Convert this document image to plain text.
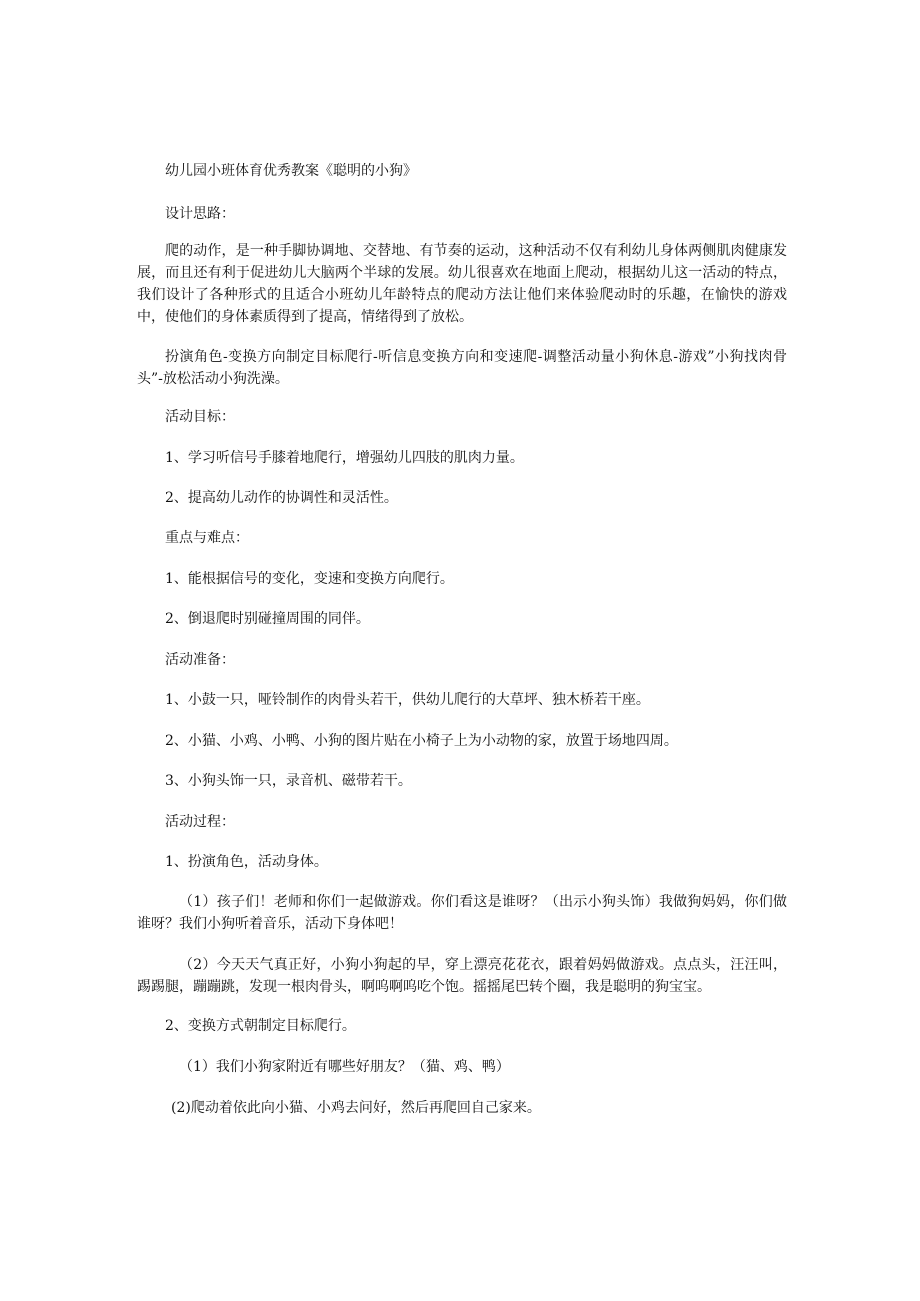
幼儿园小班体育优秀教案《聪明的小狗》
设计思路：
爬的动作，是一种手脚协调地、交替地、有节奏的运动，这种活动不仅有利幼儿身体两侧肌肉健康发展，而且还有利于促进幼儿大脑两个半球的发展。幼儿很喜欢在地面上爬动，根据幼儿这一活动的特点，我们设计了各种形式的且适合小班幼儿年龄特点的爬动方法让他们来体验爬动时的乐趣，在愉快的游戏中，使他们的身体素质得到了提高，情绪得到了放松。
扮演角色-变换方向制定目标爬行-听信息变换方向和变速爬-调整活动量小狗休息-游戏”小狗找肉骨头”-放松活动小狗洗澡。
活动目标：
1、学习听信号手膝着地爬行，增强幼儿四肢的肌肉力量。
2、提高幼儿动作的协调性和灵活性。
重点与难点：
1、能根据信号的变化，变速和变换方向爬行。
2、倒退爬时别碰撞周围的同伴。
活动准备：
1、小鼓一只，哑铃制作的肉骨头若干，供幼儿爬行的大草坪、独木桥若干座。
2、小猫、小鸡、小鸭、小狗的图片贴在小椅子上为小动物的家，放置于场地四周。
3、小狗头饰一只，录音机、磁带若干。
活动过程：
1、扮演角色，活动身体。
（1）孩子们！老师和你们一起做游戏。你们看这是谁呀？（出示小狗头饰）我做狗妈妈，你们做谁呀？我们小狗听着音乐，活动下身体吧！
（2）今天天气真正好，小狗小狗起的早，穿上漂亮花花衣，跟着妈妈做游戏。点点头，汪汪叫，踢踢腿，蹦蹦跳，发现一根肉骨头，啊呜啊呜吃个饱。摇摇尾巴转个圈，我是聪明的狗宝宝。
2、变换方式朝制定目标爬行。
（1）我们小狗家附近有哪些好朋友？（猫、鸡、鸭）
(2)爬动着依此向小猫、小鸡去问好，然后再爬回自己家来。
